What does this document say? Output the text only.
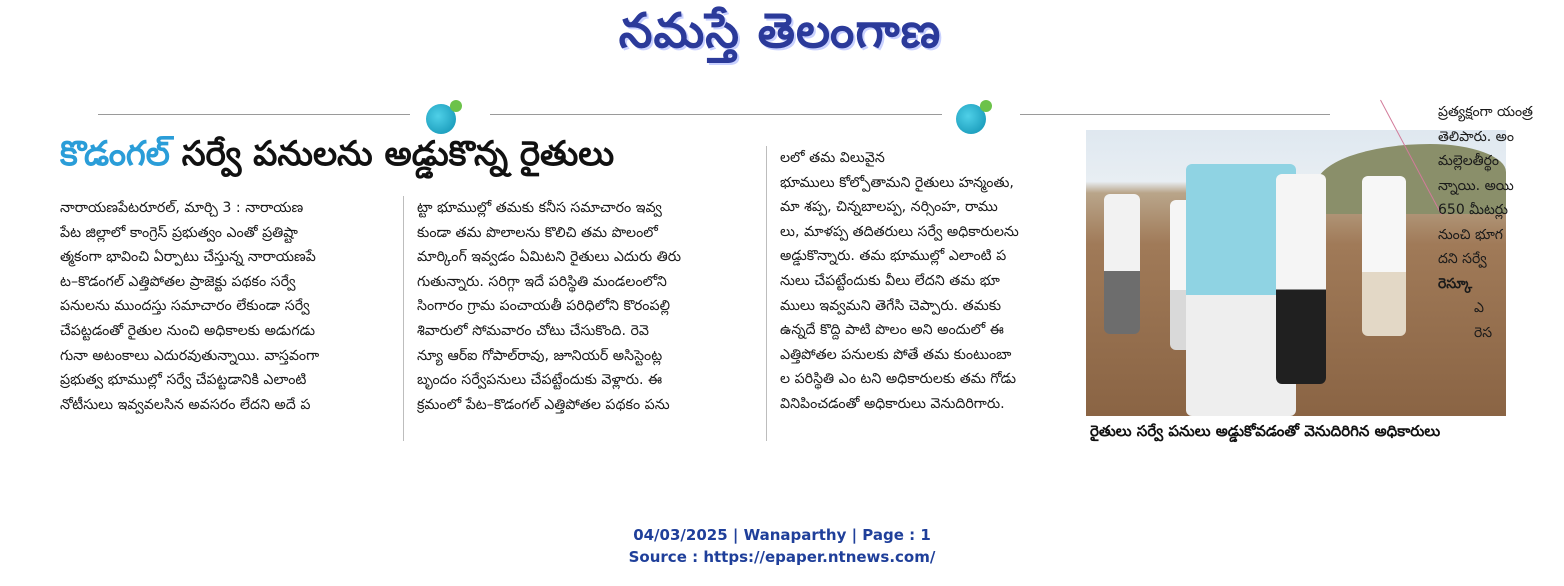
నమస్తే తెలంగాణ
కొడంగల్ సర్వే పనులను అడ్డుకొన్న రైతులు

నారాయణపేటరూరల్, మార్చి 3 : నారాయణ

పేట జిల్లాలో కాంగ్రెస్ ప్రభుత్వం ఎంతో ప్రతిష్టా

త్మకంగా భావించి ఏర్పాటు చేస్తున్న నారాయణపే

ట–కొడంగల్ ఎత్తిపోతల ప్రాజెక్టు పథకం సర్వే

పనులను ముందస్తు సమాచారం లేకుండా సర్వే

చేపట్టడంతో రైతుల నుంచి అధికాలకు అడుగడు

గునా అటంకాలు ఎదురవుతున్నాయి. వాస్తవంగా

ప్రభుత్వ భూముల్లో సర్వే చేపట్టడానికి ఎలాంటి

నోటీసులు ఇవ్వవలసిన అవసరం లేదని అదే ప

ట్టా భూముల్లో తమకు కనీస సమాచారం ఇవ్వ

కుండా తమ పొలాలను కొలిచి తమ పొలంలో

మార్కింగ్ ఇవ్వడం ఏమిటని రైతులు ఎదురు తిరు

గుతున్నారు. సరిగ్గా ఇదే పరిస్థితి మండలంలోని

సింగారం గ్రామ పంచాయతీ పరిధిలోని కొరంపల్లి

శివారులో సోమవారం చోటు చేసుకొంది. రెవె

న్యూ ఆర్ఐ గోపాల్‌రావు, జూనియర్ అసిస్టెంట్ల

బృందం సర్వేపనులు చేపట్టేందుకు వెళ్లారు. ఈ

క్రమంలో పేట–కొడంగల్ ఎత్తిపోతల పథకం పను

లలో తమ విలువైన

భూములు కోల్పోతామని రైతులు హన్మంతు,

మా శప్ప, చిన్నబాలప్ప, నర్సింహ, రాము

లు, మాళప్ప తదితరులు సర్వే అధికారులను

అడ్డుకొన్నారు. తమ భూముల్లో ఎలాంటి ప

నులు చేపట్టేందుకు వీలు లేదని తమ భూ

ములు ఇవ్వమని తెగేసి చెప్పారు. తమకు

ఉన్నదే కొద్ది పాటి పొలం అని అందులో ఈ

ఎత్తిపోతల పనులకు పోతే తమ కుంటుంబా

ల పరిస్థితి ఎం టని అధికారులకు తమ గోడు

వినిపించడంతో అధికారులు వెనుదిరిగారు.

రైతులు సర్వే పనులు అడ్డుకోవడంతో వెనుదిరిగిన అధికారులు

ప్రత్యక్షంగా యంత్ర

తెలిపారు. అం

మల్లెలతీర్థం

న్నాయి. అయి

650 మీటర్లు

నుంచి భూగ

దని సర్వే

రెస్కూ

ఎ

రెస

04/03/2025 | Wanaparthy | Page : 1
Source : https://epaper.ntnews.com/
